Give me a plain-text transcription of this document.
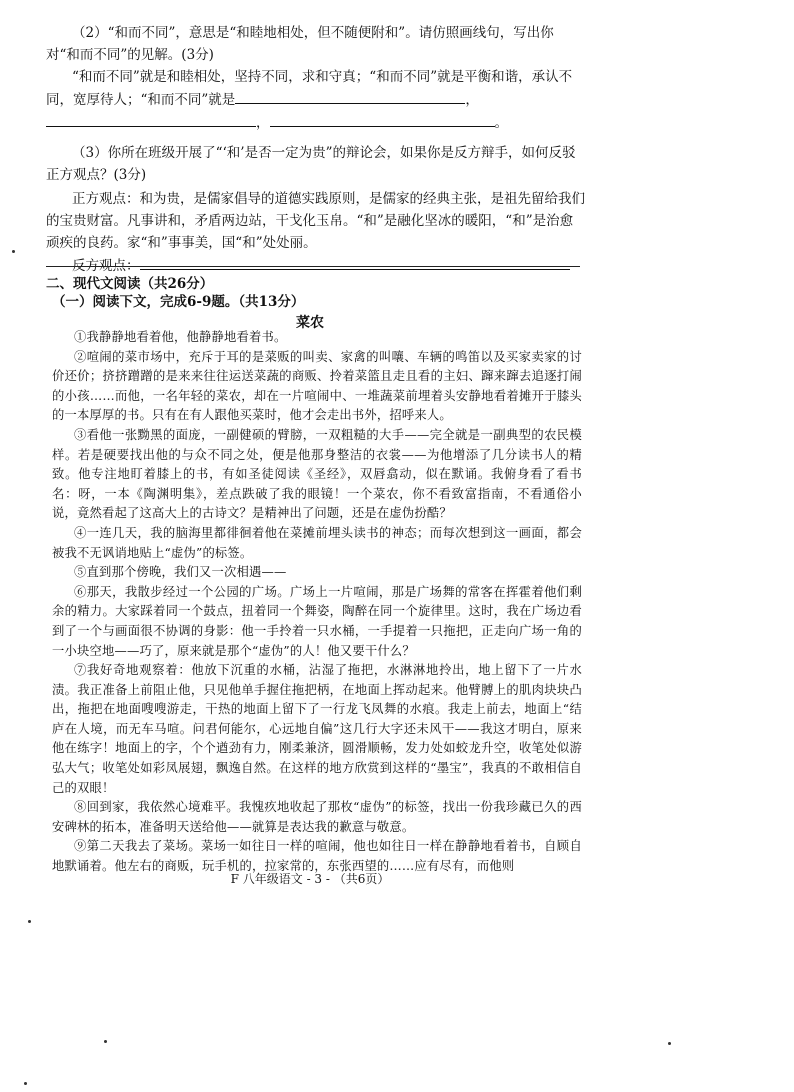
（2）“和而不同”，意思是“和睦地相处，但不随便附和”。请仿照画线句，写出你对“和而不同”的见解。(3分)
“和而不同”就是和睦相处，坚持不同，求和守真；“和而不同”就是平衡和谐，承认不同，宽厚待人；“和而不同”就是	，
，	。
（3）你所在班级开展了“‘和’是否一定为贵”的辩论会，如果你是反方辩手，如何反驳正方观点？(3分)
正方观点：和为贵，是儒家倡导的道德实践原则，是儒家的经典主张，是祖先留给我们的宝贵财富。凡事讲和，矛盾两边站，干戈化玉帛。“和”是融化坚冰的暖阳，“和”是治愈顽疾的良药。家“和”事事美，国“和”处处丽。
反方观点：
二、现代文阅读（共26分）
（一）阅读下文，完成6-9题。（共13分）
菜农

①我静静地看着他，他静静地看着书。

②喧闹的菜市场中，充斥于耳的是菜贩的叫卖、家禽的叫嚷、车辆的鸣笛以及买家卖家的讨价还价；挤挤蹭蹭的是来来往往运送菜蔬的商贩、拎着菜篮且走且看的主妇、蹿来蹿去追逐打闹的小孩……而他，一名年轻的菜农，却在一片喧闹中、一堆蔬菜前埋着头安静地看着摊开于膝头的一本厚厚的书。只有在有人跟他买菜时，他才会走出书外，招呼来人。

③看他一张黝黑的面庞，一副健硕的臂膀，一双粗糙的大手——完全就是一副典型的农民模样。若是硬要找出他的与众不同之处，便是他那身整洁的衣裳——为他增添了几分读书人的精致。他专注地盯着膝上的书，有如圣徒阅读《圣经》，双唇翕动，似在默诵。我俯身看了看书名：呀，一本《陶渊明集》，差点跌破了我的眼镜！一个菜农，你不看致富指南，不看通俗小说，竟然看起了这高大上的古诗文？是精神出了问题，还是在虚伪扮酷？

④一连几天，我的脑海里都徘徊着他在菜摊前埋头读书的神态；而每次想到这一画面，都会被我不无讽诮地贴上“虚伪”的标签。

⑤直到那个傍晚，我们又一次相遇——

⑥那天，我散步经过一个公园的广场。广场上一片喧闹，那是广场舞的常客在挥霍着他们剩余的精力。大家踩着同一个鼓点，扭着同一个舞姿，陶醉在同一个旋律里。这时，我在广场边看到了一个与画面很不协调的身影：他一手拎着一只水桶，一手提着一只拖把，正走向广场一角的一小块空地——巧了，原来就是那个“虚伪”的人！他又要干什么？

⑦我好奇地观察着：他放下沉重的水桶，沾湿了拖把，水淋淋地拎出，地上留下了一片水渍。我正准备上前阻止他，只见他单手握住拖把柄，在地面上挥动起来。他臂膊上的肌肉块块凸出，拖把在地面嗖嗖游走，干热的地面上留下了一行龙飞凤舞的水痕。我走上前去，地面上“结庐在人境，而无车马喧。问君何能尔，心远地自偏”这几行大字还未风干——我这才明白，原来他在练字！地面上的字，个个遒劲有力，刚柔兼济，圆滑顺畅，发力处如蛟龙升空，收笔处似游弘大气；收笔处如彩凤展翅，飘逸自然。在这样的地方欣赏到这样的“墨宝”，我真的不敢相信自己的双眼！

⑧回到家，我依然心境难平。我愧疚地收起了那枚“虚伪”的标签，找出一份我珍藏已久的西安碑林的拓本，准备明天送给他——就算是表达我的歉意与敬意。

⑨第二天我去了菜场。菜场一如往日一样的喧闹，他也如往日一样在静静地看着书，自顾自地默诵着。他左右的商贩，玩手机的，拉家常的，东张西望的……应有尽有，而他则

F 八年级语文 - 3 - （共6页）
